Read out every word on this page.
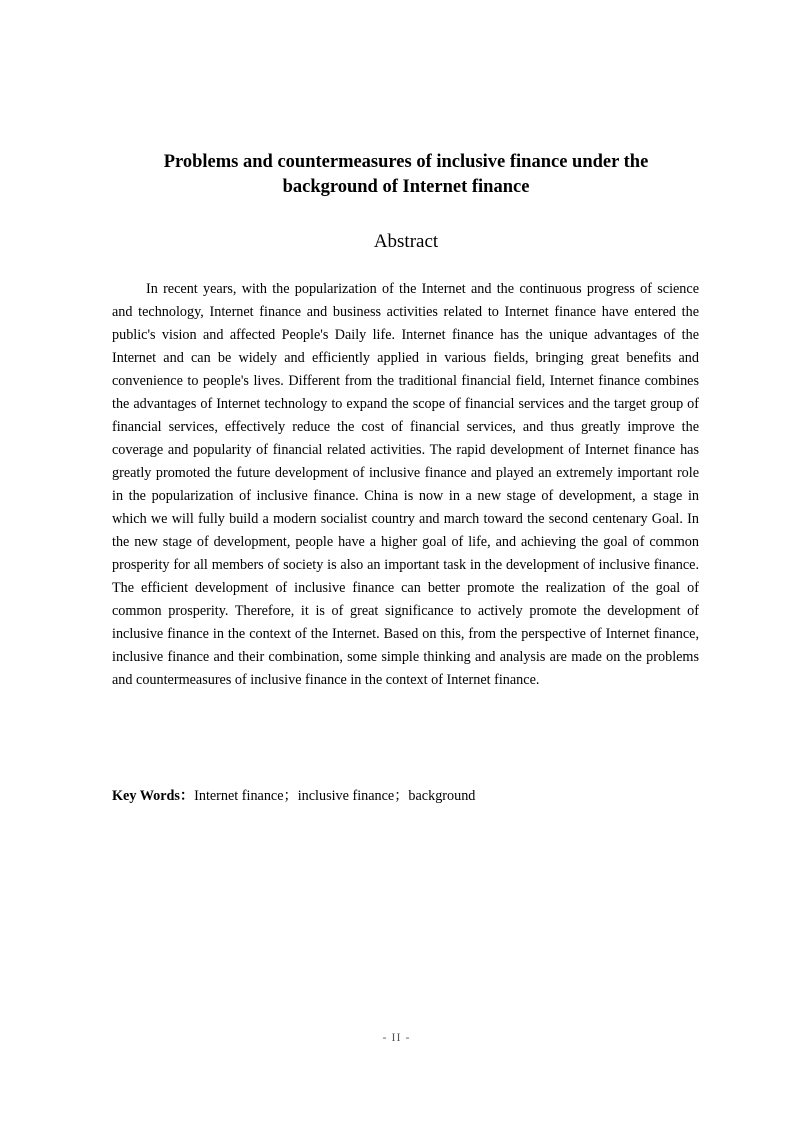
Problems and countermeasures of inclusive finance under the
background of Internet finance
Abstract

In recent years, with the popularization of the Internet and the continuous progress of science and technology, Internet finance and business activities related to Internet finance have entered the public's vision and affected People's Daily life. Internet finance has the unique advantages of the Internet and can be widely and efficiently applied in various fields, bringing great benefits and convenience to people's lives. Different from the traditional financial field, Internet finance combines the advantages of Internet technology to expand the scope of financial services and the target group of financial services, effectively reduce the cost of financial services, and thus greatly improve the coverage and popularity of financial related activities. The rapid development of Internet finance has greatly promoted the future development of inclusive finance and played an extremely important role in the popularization of inclusive finance. China is now in a new stage of development, a stage in which we will fully build a modern socialist country and march toward the second centenary Goal. In the new stage of development, people have a higher goal of life, and achieving the goal of common prosperity for all members of society is also an important task in the development of inclusive finance. The efficient development of inclusive finance can better promote the realization of the goal of common prosperity. Therefore, it is of great significance to actively promote the development of inclusive finance in the context of the Internet. Based on this, from the perspective of Internet finance, inclusive finance and their combination, some simple thinking and analysis are made on the problems and countermeasures of inclusive finance in the context of Internet finance.

Key Words：Internet finance；inclusive finance；background
- II -
